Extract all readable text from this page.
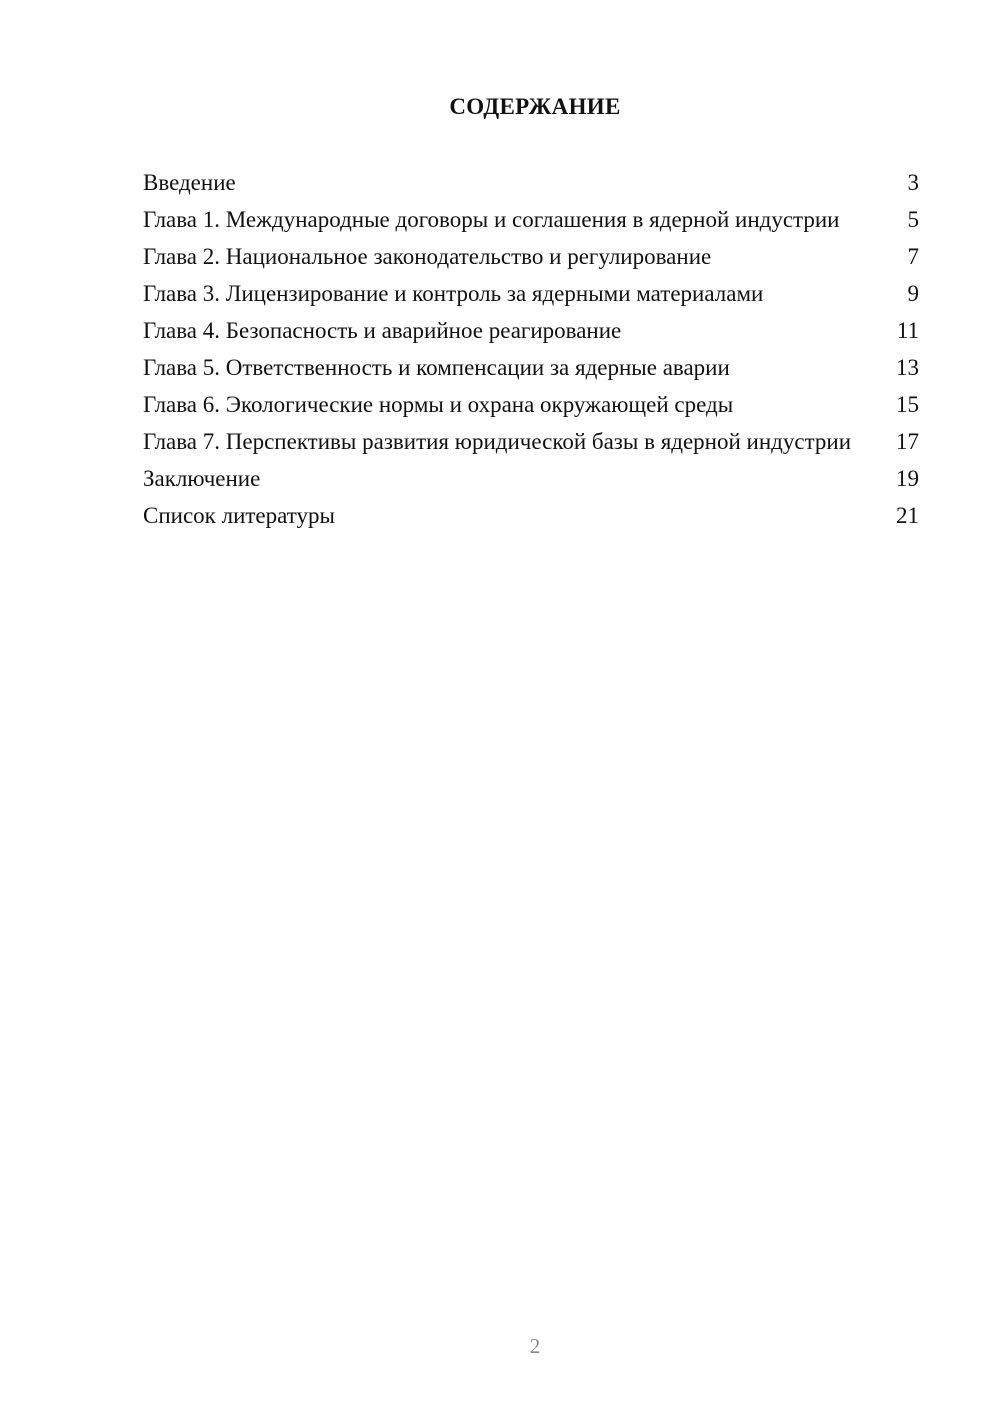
СОДЕРЖАНИЕ
Введение	3
Глава 1. Международные договоры и соглашения в ядерной индустрии	5
Глава 2. Национальное законодательство и регулирование	7
Глава 3. Лицензирование и контроль за ядерными материалами	9
Глава 4. Безопасность и аварийное реагирование	11
Глава 5. Ответственность и компенсации за ядерные аварии	13
Глава 6. Экологические нормы и охрана окружающей среды	15
Глава 7. Перспективы развития юридической базы в ядерной индустрии	17
Заключение	19
Список литературы	21
2
